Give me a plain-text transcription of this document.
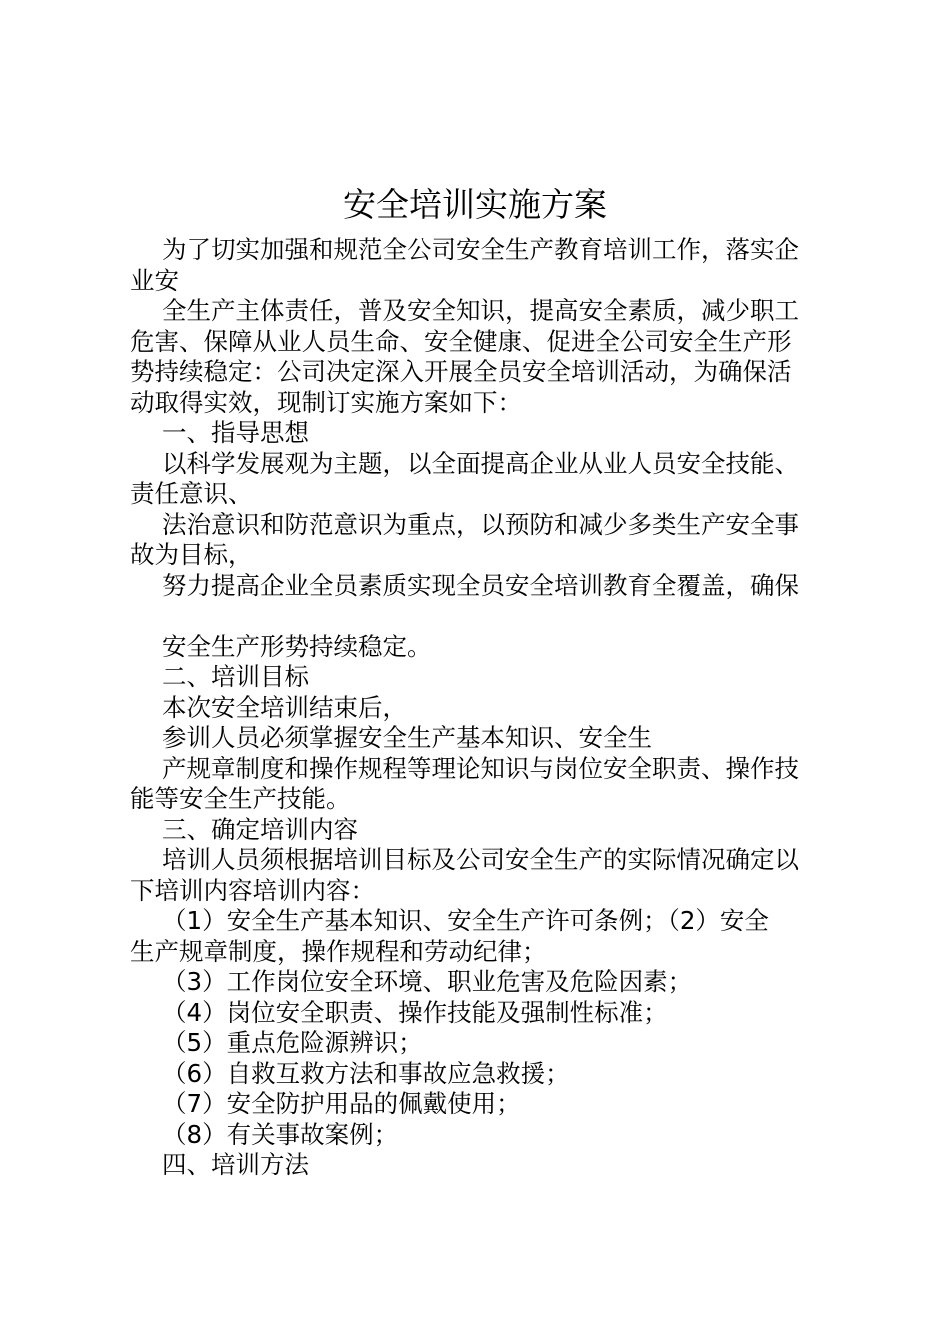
安全培训实施方案
为了切实加强和规范全公司安全生产教育培训工作，落实企
业安
全生产主体责任，普及安全知识，提高安全素质，减少职工
危害、保障从业人员生命、安全健康、促进全公司安全生产形
势持续稳定：公司决定深入开展全员安全培训活动，为确保活
动取得实效，现制订实施方案如下：
一、指导思想
以科学发展观为主题，以全面提高企业从业人员安全技能、
责任意识、
法治意识和防范意识为重点，以预防和减少多类生产安全事
故为目标，
努力提高企业全员素质实现全员安全培训教育全覆盖，确保
安全生产形势持续稳定。
二、培训目标
本次安全培训结束后，
参训人员必须掌握安全生产基本知识、安全生
产规章制度和操作规程等理论知识与岗位安全职责、操作技
能等安全生产技能。
三、确定培训内容
培训人员须根据培训目标及公司安全生产的实际情况确定以
下培训内容培训内容：
（1）安全生产基本知识、安全生产许可条例；（2）安全
生产规章制度，操作规程和劳动纪律；
（3）工作岗位安全环境、职业危害及危险因素；
（4）岗位安全职责、操作技能及强制性标准；
（5）重点危险源辨识；
（6）自救互救方法和事故应急救援；
（7）安全防护用品的佩戴使用；
（8）有关事故案例；
四、培训方法
